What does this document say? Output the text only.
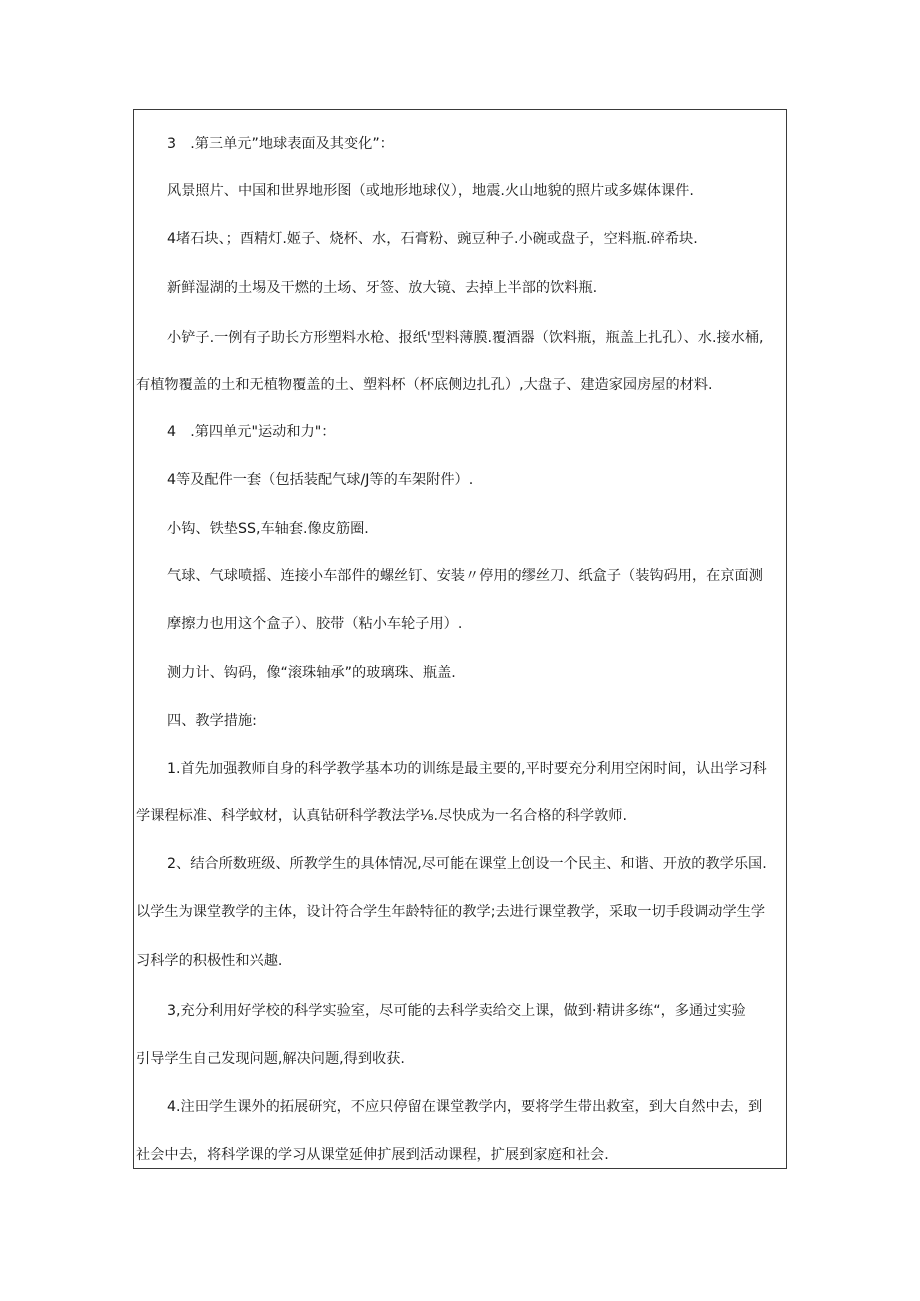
3　.第三单元”地球表面及其变化”：
风景照片、中国和世界地形图（或地形地球仪），地震.火山地貌的照片或多媒体课件.
4堵石块、；酉精灯.姬子、烧杯、水，石膏粉、豌豆种子.小碗或盘子，空料瓶.碎希块.
新鲜湿湖的土埸及干燃的土场、牙签、放大镜、去掉上半部的饮料瓶.
小铲子.一例有子助长方形塑料水枪、报纸'型料薄膜.覆酒器（饮料瓶，瓶盖上扎孔）、水.接水桶,
有植物覆盖的土和无植物覆盖的土、塑料杯（杯底侧边扎孔）,大盘子、建造家园房屋的材料.
4　.第四单元"运动和力"：
4等及配件一套（包括装配气球/J等的车架附件）.
小钩、铁垫SS,车轴套.像皮筋圈.
气球、气球喷摇、连接小车部件的螺丝钉、安装〃停用的缪丝刀、纸盒子（装钩码用，在京面测
摩擦力也用这个盒子）、胶带（粘小车轮子用）.
测力计、钩码，像“滚珠轴承”的玻璃珠、瓶盖.
四、教学措施:
1.首先加强教师自身的科学教学基本功的训练是最主要的,平时要充分利用空闲时间，认出学习科
学课程标准、科学蚊材，认真钻研科学教法学⅛.尽快成为一名合格的科学敦师.
2、结合所数班级、所教学生的具体情况,尽可能在课堂上创设一个民主、和谐、开放的教学乐国.
以学生为课堂教学的主体，设计符合学生年龄特征的教学;去进行课堂教学，采取一切手段调动学生学
习科学的积极性和兴趣.
3,充分利用好学校的科学实验室，尽可能的去科学卖给交上课，做到·精讲多练“，多通过实验
引导学生自己发现问题,解决问题,得到收获.
4.注田学生课外的拓展研究，不应只停留在课堂教学内，要将学生带出救室，到大自然中去，到
社会中去，将科学课的学习从课堂延伸扩展到活动课程，扩展到家庭和社会.
